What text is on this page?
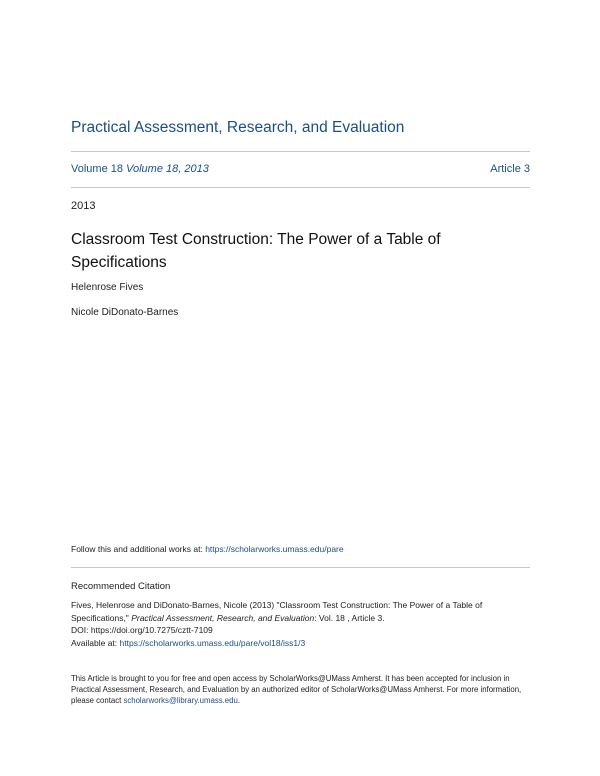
Practical Assessment, Research, and Evaluation
Volume 18 Volume 18, 2013	Article 3
2013
Classroom Test Construction: The Power of a Table of Specifications
Helenrose Fives
Nicole DiDonato-Barnes
Follow this and additional works at: https://scholarworks.umass.edu/pare
Recommended Citation
Fives, Helenrose and DiDonato-Barnes, Nicole (2013) "Classroom Test Construction: The Power of a Table of Specifications," Practical Assessment, Research, and Evaluation: Vol. 18 , Article 3.
DOI: https://doi.org/10.7275/cztt-7109
Available at: https://scholarworks.umass.edu/pare/vol18/iss1/3
This Article is brought to you for free and open access by ScholarWorks@UMass Amherst. It has been accepted for inclusion in Practical Assessment, Research, and Evaluation by an authorized editor of ScholarWorks@UMass Amherst. For more information, please contact scholarworks@library.umass.edu.
